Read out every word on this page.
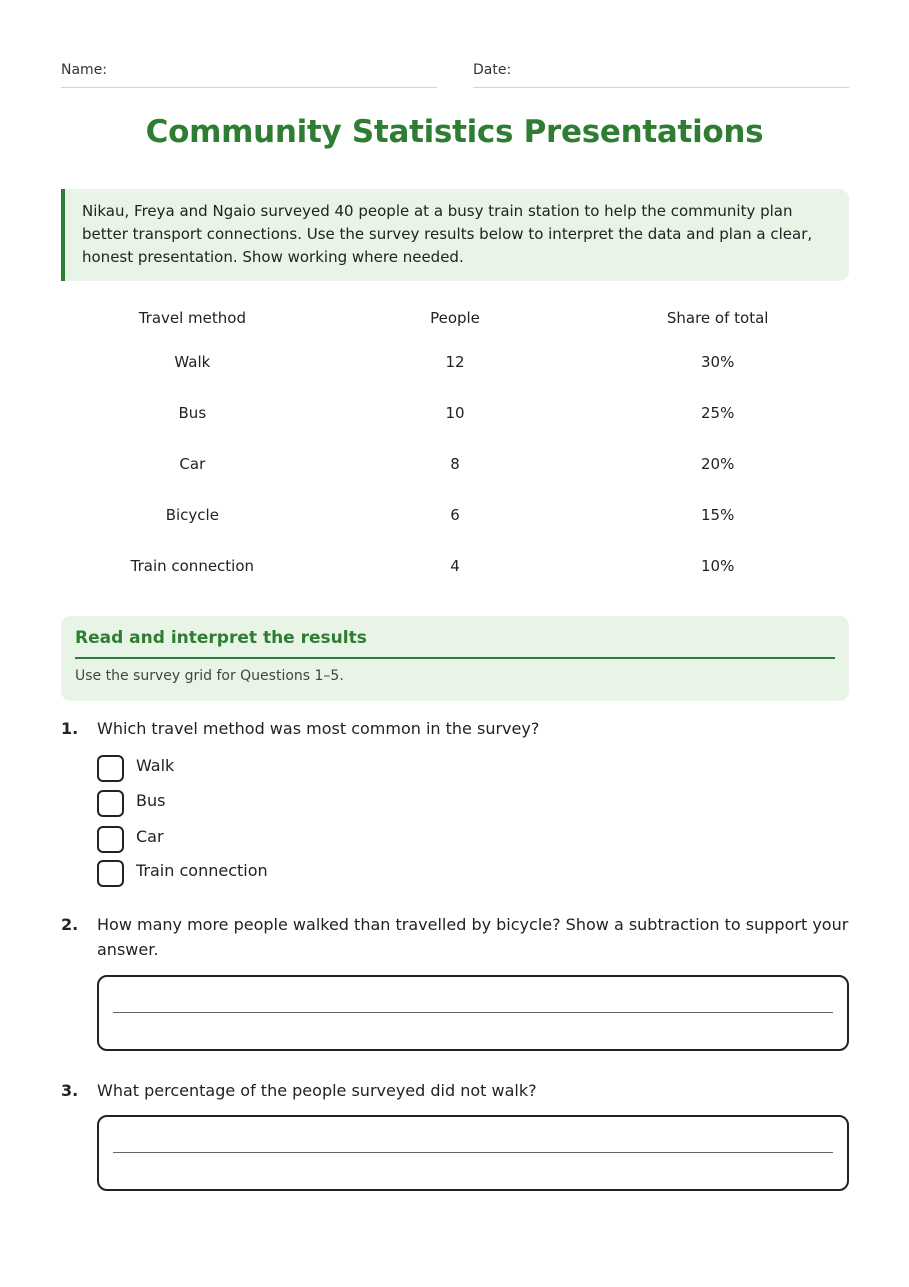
Name:	Date:
Community Statistics Presentations
Nikau, Freya and Ngaio surveyed 40 people at a busy train station to help the community plan better transport connections. Use the survey results below to interpret the data and plan a clear, honest presentation. Show working where needed.
Travel method	People	Share of total
Walk	12	30%
Bus	10	25%
Car	8	20%
Bicycle	6	15%
Train connection	4	10%
Read and interpret the results
Use the survey grid for Questions 1–5.
1. Which travel method was most common in the survey?
Walk
Bus
Car
Train connection
2. How many more people walked than travelled by bicycle? Show a subtraction to support your answer.
3. What percentage of the people surveyed did not walk?
